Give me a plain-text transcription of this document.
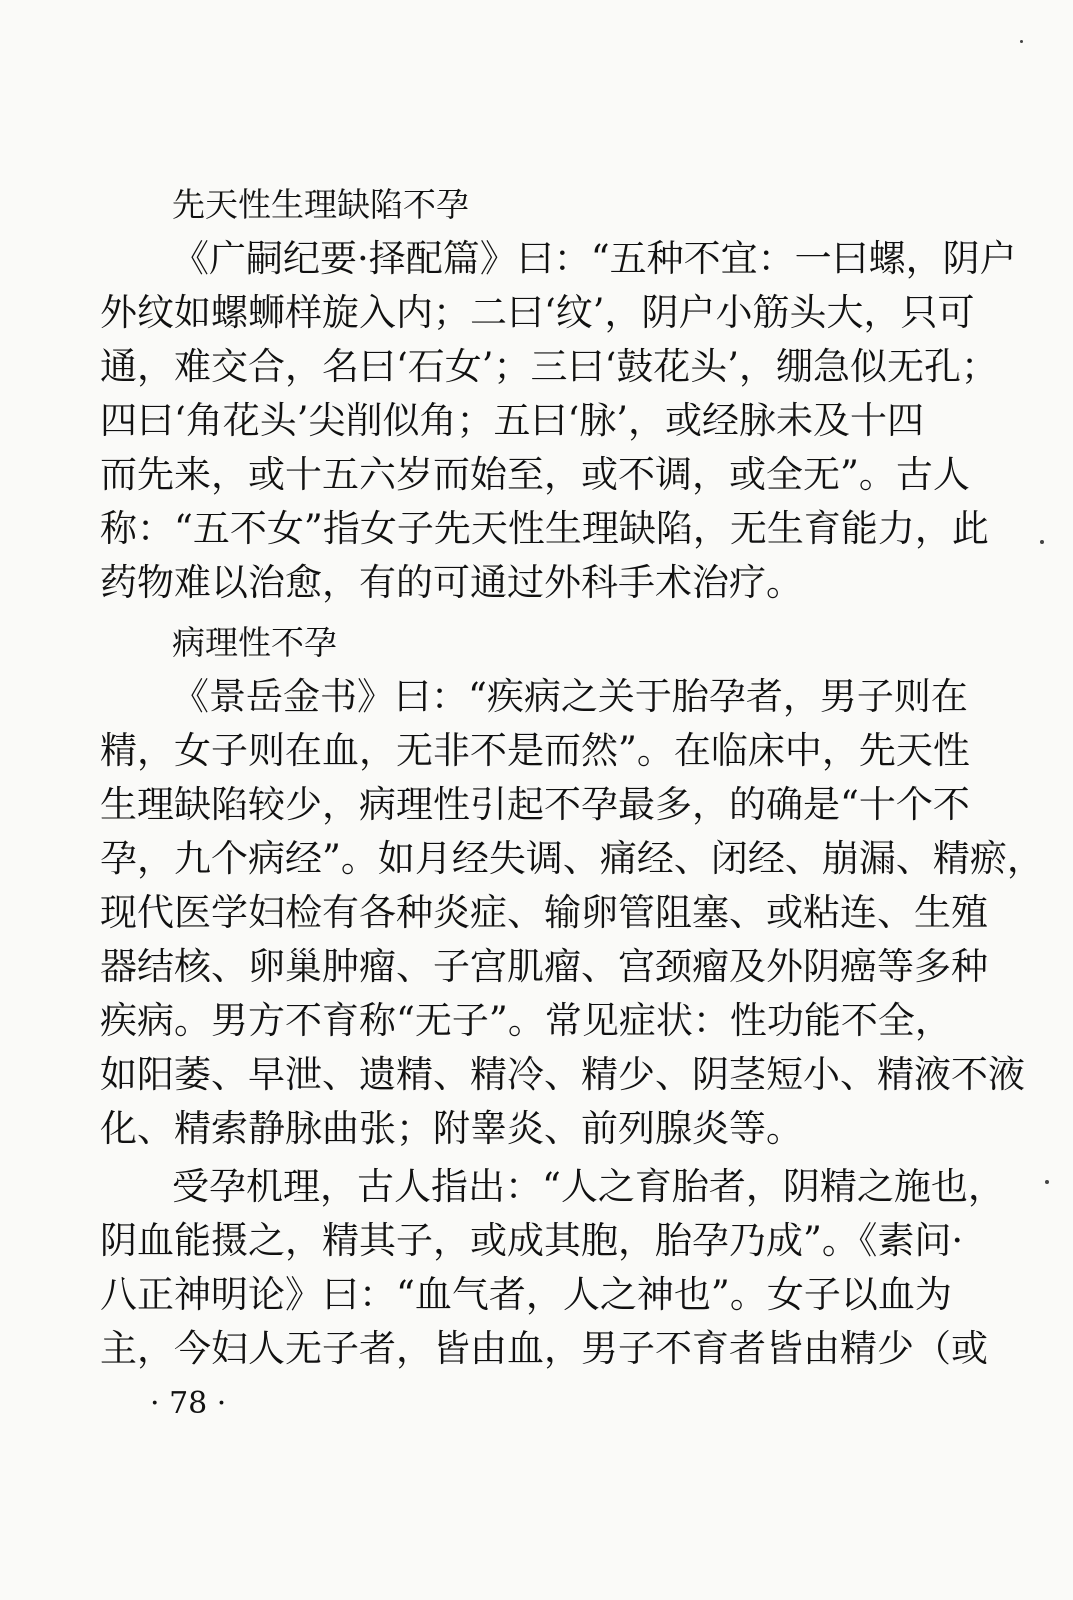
先天性生理缺陷不孕
《广嗣纪要·择配篇》曰：“五种不宜：一曰螺，阴户
外纹如螺蛳样旋入内；二曰‘纹’，阴户小筋头大，只可
通，难交合，名曰‘石女’；三曰‘鼓花头’，绷急似无孔；
四曰‘角花头’尖削似角；五曰‘脉’，或经脉未及十四
而先来，或十五六岁而始至，或不调，或全无”。古人
称：“五不女”指女子先天性生理缺陷，无生育能力，此
药物难以治愈，有的可通过外科手术治疗。
病理性不孕
《景岳金书》曰：“疾病之关于胎孕者，男子则在
精，女子则在血，无非不是而然”。在临床中，先天性
生理缺陷较少，病理性引起不孕最多，的确是“十个不
孕，九个病经”。如月经失调、痛经、闭经、崩漏、精瘀，
现代医学妇检有各种炎症、输卵管阻塞、或粘连、生殖
器结核、卵巢肿瘤、子宫肌瘤、宫颈瘤及外阴癌等多种
疾病。男方不育称“无子”。常见症状：性功能不全，
如阳萎、早泄、遗精、精冷、精少、阴茎短小、精液不液
化、精索静脉曲张；附睾炎、前列腺炎等。
受孕机理，古人指出：“人之育胎者，阴精之施也，
阴血能摄之，精其子，或成其胞，胎孕乃成”。《素问·
八正神明论》曰：“血气者，人之神也”。女子以血为
主，今妇人无子者，皆由血，男子不育者皆由精少（或
· 78 ·
